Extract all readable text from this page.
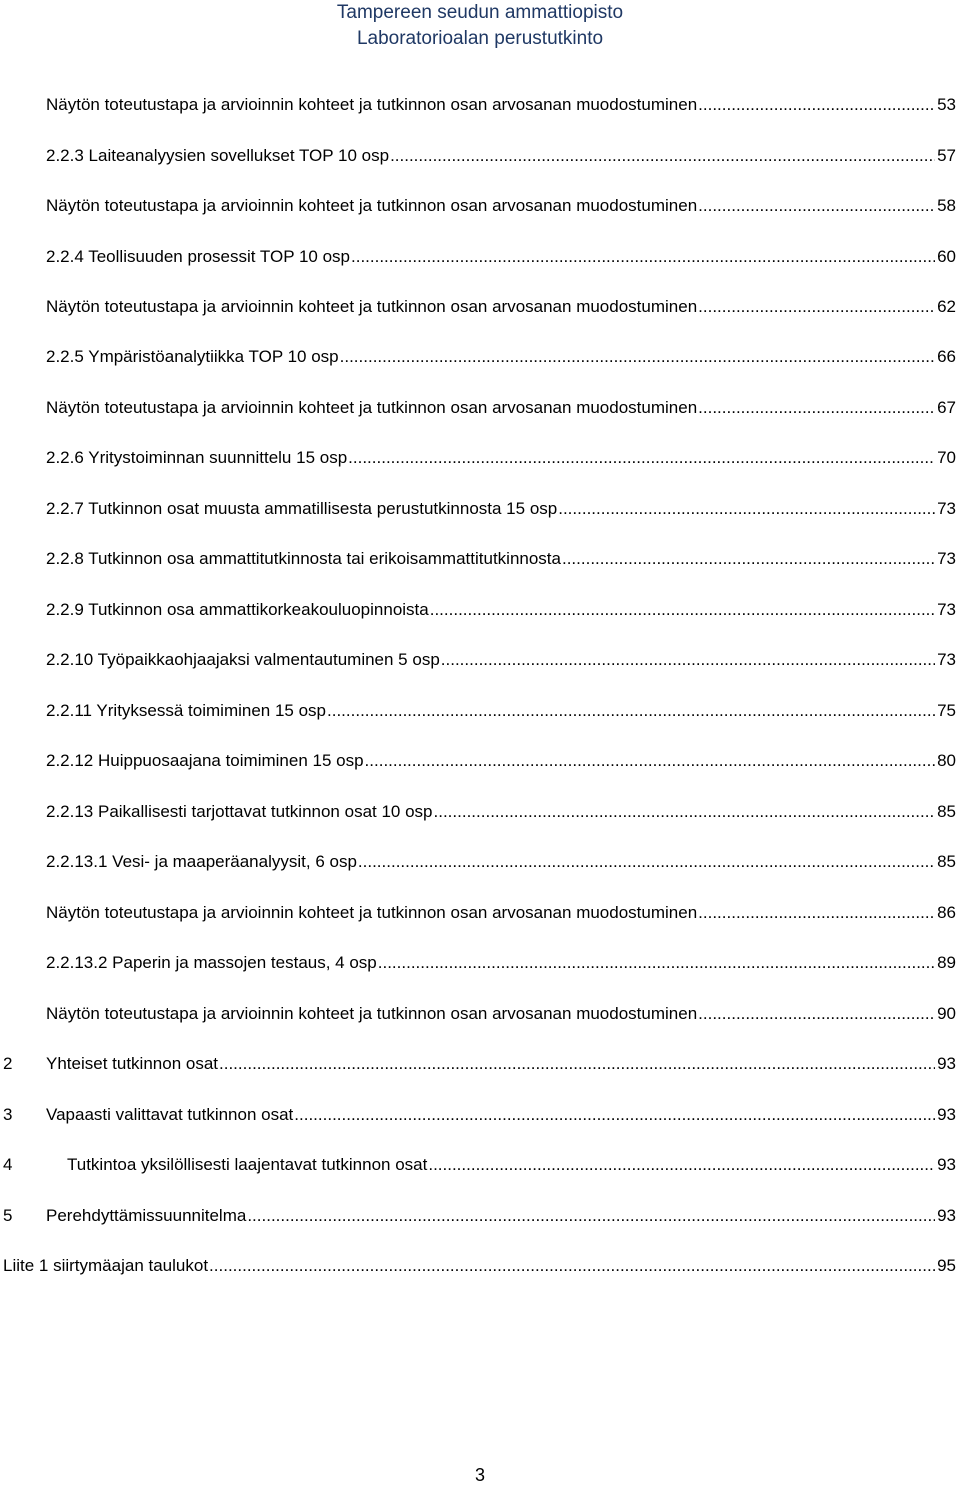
Tampereen seudun ammattiopisto
Laboratorioalan perustutkinto
Näytön toteutustapa ja arvioinnin kohteet ja tutkinnon osan arvosanan muodostuminen .....	53
2.2.3 Laiteanalyysien sovellukset TOP 10 osp .....	57
Näytön toteutustapa ja arvioinnin kohteet ja tutkinnon osan arvosanan muodostuminen .....	58
2.2.4 Teollisuuden prosessit TOP 10 osp .....	60
Näytön toteutustapa ja arvioinnin kohteet ja tutkinnon osan arvosanan muodostuminen .....	62
2.2.5 Ympäristöanalytiikka TOP 10 osp .....	66
Näytön toteutustapa ja arvioinnin kohteet ja tutkinnon osan arvosanan muodostuminen .....	67
2.2.6 Yritystoiminnan suunnittelu 15 osp .....	70
2.2.7 Tutkinnon osat muusta ammatillisesta perustutkinnosta 15 osp .....	73
2.2.8 Tutkinnon osa ammattitutkinnosta tai erikoisammattitutkinnosta .....	73
2.2.9 Tutkinnon osa ammattikorkeakouluopinnoista .....	73
2.2.10 Työpaikkaohjaajaksi valmentautuminen 5 osp .....	73
2.2.11 Yrityksessä toimiminen 15 osp .....	75
2.2.12 Huippuosaajana toimiminen 15 osp .....	80
2.2.13 Paikallisesti tarjottavat tutkinnon osat 10 osp .....	85
2.2.13.1 Vesi- ja maaperäanalyysit, 6 osp .....	85
Näytön toteutustapa ja arvioinnin kohteet ja tutkinnon osan arvosanan muodostuminen .....	86
2.2.13.2 Paperin ja massojen testaus, 4 osp .....	89
Näytön toteutustapa ja arvioinnin kohteet ja tutkinnon osan arvosanan muodostuminen .....	90
2	Yhteiset tutkinnon osat .....	93
3	Vapaasti valittavat tutkinnon osat .....	93
4	Tutkintoa yksilöllisesti laajentavat tutkinnon osat .....	93
5	Perehdyttämissuunnitelma .....	93
Liite 1 siirtymäajan taulukot .....	95
3
